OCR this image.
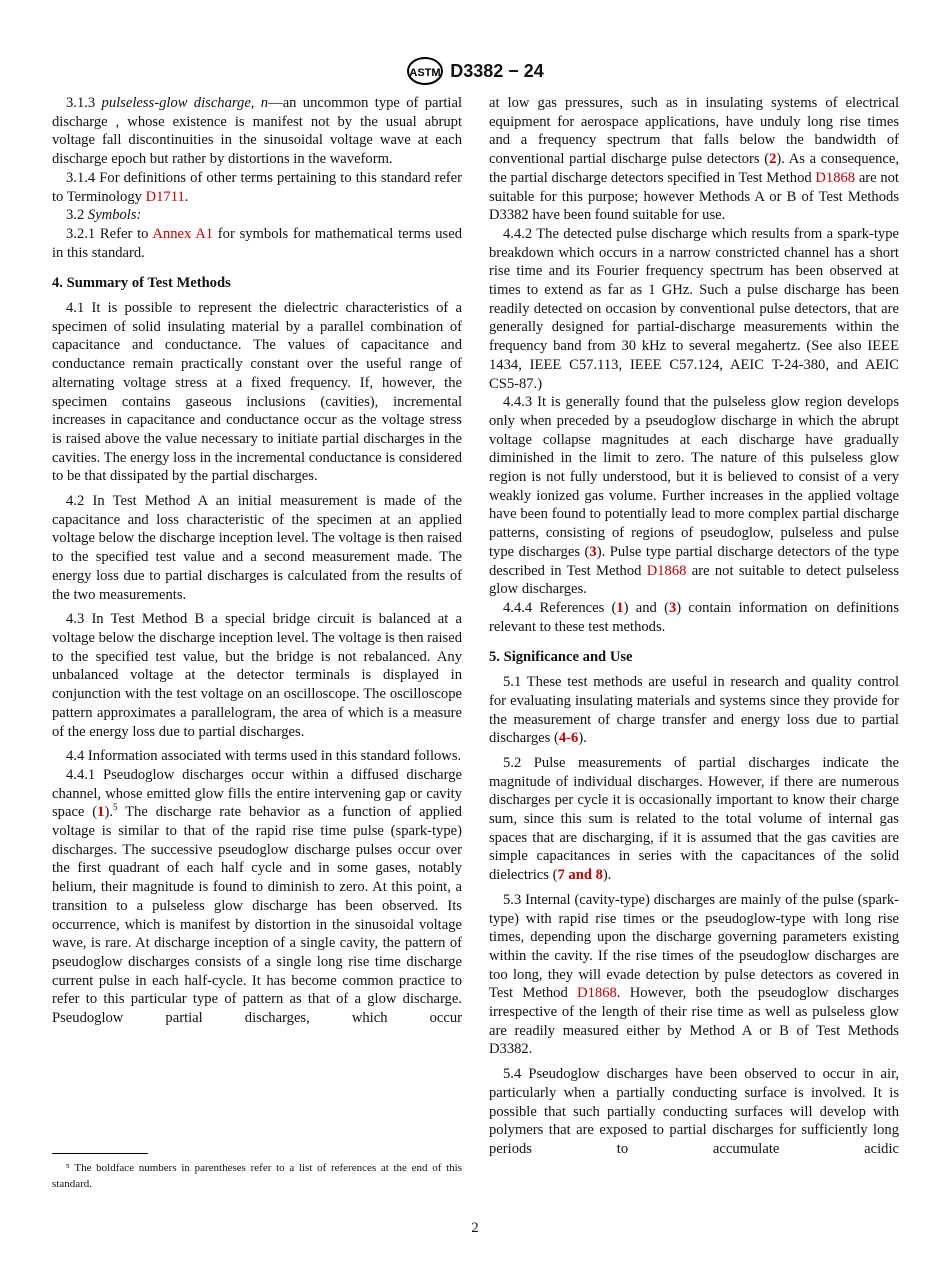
ASTM D3382 − 24

3.1.3 pulseless-glow discharge, n—an uncommon type of partial discharge , whose existence is manifest not by the usual abrupt voltage fall discontinuities in the sinusoidal voltage wave at each discharge epoch but rather by distortions in the waveform.

3.1.4 For definitions of other terms pertaining to this standard refer to Terminology D1711.

3.2 Symbols:

3.2.1 Refer to Annex A1 for symbols for mathematical terms used in this standard.

4. Summary of Test Methods

4.1 It is possible to represent the dielectric characteristics of a specimen of solid insulating material by a parallel combination of capacitance and conductance. The values of capacitance and conductance remain practically constant over the useful range of alternating voltage stress at a fixed frequency. If, however, the specimen contains gaseous inclusions (cavities), incremental increases in capacitance and conductance occur as the voltage stress is raised above the value necessary to initiate partial discharges in the cavities. The energy loss in the incremental conductance is considered to be that dissipated by the partial discharges.

4.2 In Test Method A an initial measurement is made of the capacitance and loss characteristic of the specimen at an applied voltage below the discharge inception level. The voltage is then raised to the specified test value and a second measurement made. The energy loss due to partial discharges is calculated from the results of the two measurements.

4.3 In Test Method B a special bridge circuit is balanced at a voltage below the discharge inception level. The voltage is then raised to the specified test value, but the bridge is not rebalanced. Any unbalanced voltage at the detector terminals is displayed in conjunction with the test voltage on an oscilloscope. The oscilloscope pattern approximates a parallelogram, the area of which is a measure of the energy loss due to partial discharges.

4.4 Information associated with terms used in this standard follows.

4.4.1 Pseudoglow discharges occur within a diffused discharge channel, whose emitted glow fills the entire intervening gap or cavity space (1).$^5$ The discharge rate behavior as a function of applied voltage is similar to that of the rapid rise time pulse (spark-type) discharges. The successive pseudoglow discharge pulses occur over the first quadrant of each half cycle and in some gases, notably helium, their magnitude is found to diminish to zero. At this point, a transition to a pulseless glow discharge has been observed. Its occurrence, which is manifest by distortion in the sinusoidal voltage wave, is rare. At discharge inception of a single cavity, the pattern of pseudoglow discharges consists of a single long rise time discharge current pulse in each half-cycle. It has become common practice to refer to this particular type of pattern as that of a glow discharge. Pseudoglow partial discharges, which occur

at low gas pressures, such as in insulating systems of electrical equipment for aerospace applications, have unduly long rise times and a frequency spectrum that falls below the bandwidth of conventional partial discharge pulse detectors (2). As a consequence, the partial discharge detectors specified in Test Method D1868 are not suitable for this purpose; however Methods A or B of Test Methods D3382 have been found suitable for use.

4.4.2 The detected pulse discharge which results from a spark-type breakdown which occurs in a narrow constricted channel has a short rise time and its Fourier frequency spectrum has been observed at times to extend as far as 1 GHz. Such a pulse discharge has been readily detected on occasion by conventional pulse detectors, that are generally designed for partial-discharge measurements within the frequency band from 30 kHz to several megahertz. (See also IEEE 1434, IEEE C57.113, IEEE C57.124, AEIC T-24-380, and AEIC CS5-87.)

4.4.3 It is generally found that the pulseless glow region develops only when preceded by a pseudoglow discharge in which the abrupt voltage collapse magnitudes at each discharge have gradually diminished in the limit to zero. The nature of this pulseless glow region is not fully understood, but it is believed to consist of a very weakly ionized gas volume. Further increases in the applied voltage have been found to potentially lead to more complex partial discharge patterns, consisting of regions of pseudoglow, pulseless and pulse type discharges (3). Pulse type partial discharge detectors of the type described in Test Method D1868 are not suitable to detect pulseless glow discharges.

4.4.4 References (1) and (3) contain information on definitions relevant to these test methods.

5. Significance and Use

5.1 These test methods are useful in research and quality control for evaluating insulating materials and systems since they provide for the measurement of charge transfer and energy loss due to partial discharges (4-6).

5.2 Pulse measurements of partial discharges indicate the magnitude of individual discharges. However, if there are numerous discharges per cycle it is occasionally important to know their charge sum, since this sum is related to the total volume of internal gas spaces that are discharging, if it is assumed that the gas cavities are simple capacitances in series with the capacitances of the solid dielectrics (7 and 8).

5.3 Internal (cavity-type) discharges are mainly of the pulse (spark-type) with rapid rise times or the pseudoglow-type with long rise times, depending upon the discharge governing parameters existing within the cavity. If the rise times of the pseudoglow discharges are too long, they will evade detection by pulse detectors as covered in Test Method D1868. However, both the pseudoglow discharges irrespective of the length of their rise time as well as pulseless glow are readily measured either by Method A or B of Test Methods D3382.

5.4 Pseudoglow discharges have been observed to occur in air, particularly when a partially conducting surface is involved. It is possible that such partially conducting surfaces will develop with polymers that are exposed to partial discharges for sufficiently long periods to accumulate acidic

⁵ The boldface numbers in parentheses refer to a list of references at the end of this standard.
2
